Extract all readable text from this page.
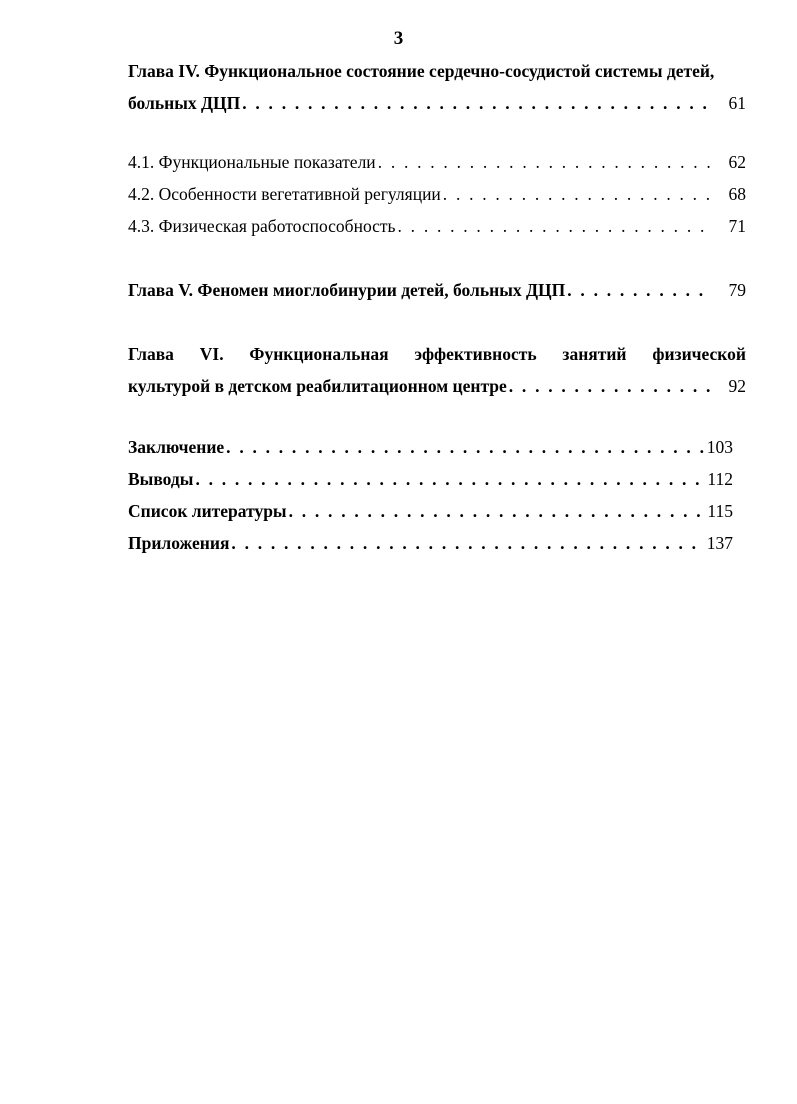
3
Глава IV. Функциональное состояние сердечно-сосудистой системы детей,
больных ДЦП . . .	61
4.1. Функциональные показатели . . .	62
4.2. Особенности вегетативной регуляции . . .	68
4.3. Физическая работоспособность . . .	71
Глава V. Феномен миоглобинурии детей, больных ДЦП . . .	79
Глава VI. Функциональная эффективность занятий физической
культурой в детском реабилитационном центре . . .	92
Заключение . . .	103
Выводы . . .	112
Список литературы . . .	115
Приложения . . .	137
